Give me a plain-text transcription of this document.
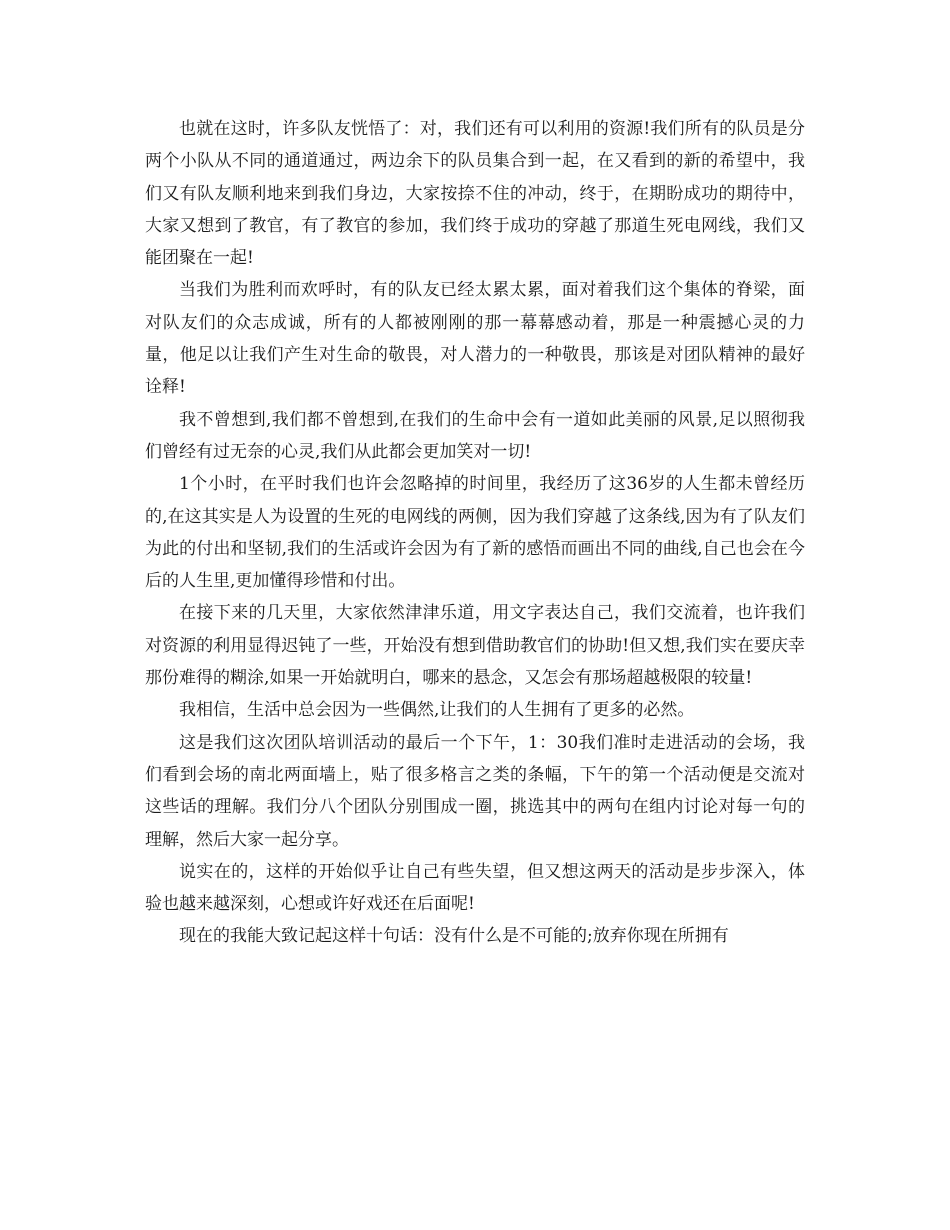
也就在这时，许多队友恍悟了：对，我们还有可以利用的资源!我们所有的队员是分两个小队从不同的通道通过，两边余下的队员集合到一起，在又看到的新的希望中，我们又有队友顺利地来到我们身边，大家按捺不住的冲动，终于，在期盼成功的期待中，大家又想到了教官，有了教官的参加，我们终于成功的穿越了那道生死电网线，我们又能团聚在一起!

当我们为胜利而欢呼时，有的队友已经太累太累，面对着我们这个集体的脊梁，面对队友们的众志成诚，所有的人都被刚刚的那一幕幕感动着，那是一种震撼心灵的力量，他足以让我们产生对生命的敬畏，对人潜力的一种敬畏，那该是对团队精神的最好诠释!

我不曾想到,我们都不曾想到,在我们的生命中会有一道如此美丽的风景,足以照彻我们曾经有过无奈的心灵,我们从此都会更加笑对一切!

1个小时，在平时我们也许会忽略掉的时间里，我经历了这36岁的人生都未曾经历的,在这其实是人为设置的生死的电网线的两侧，因为我们穿越了这条线,因为有了队友们为此的付出和坚韧,我们的生活或许会因为有了新的感悟而画出不同的曲线,自己也会在今后的人生里,更加懂得珍惜和付出。

在接下来的几天里，大家依然津津乐道，用文字表达自己，我们交流着，也许我们对资源的利用显得迟钝了一些，开始没有想到借助教官们的协助!但又想,我们实在要庆幸那份难得的糊涂,如果一开始就明白，哪来的悬念，又怎会有那场超越极限的较量!

我相信，生活中总会因为一些偶然,让我们的人生拥有了更多的必然。

这是我们这次团队培训活动的最后一个下午，1：30我们准时走进活动的会场，我们看到会场的南北两面墙上，贴了很多格言之类的条幅，下午的第一个活动便是交流对这些话的理解。我们分八个团队分别围成一圈，挑选其中的两句在组内讨论对每一句的理解，然后大家一起分享。

说实在的，这样的开始似乎让自己有些失望，但又想这两天的活动是步步深入，体验也越来越深刻，心想或许好戏还在后面呢!

现在的我能大致记起这样十句话：没有什么是不可能的;放弃你现在所拥有
